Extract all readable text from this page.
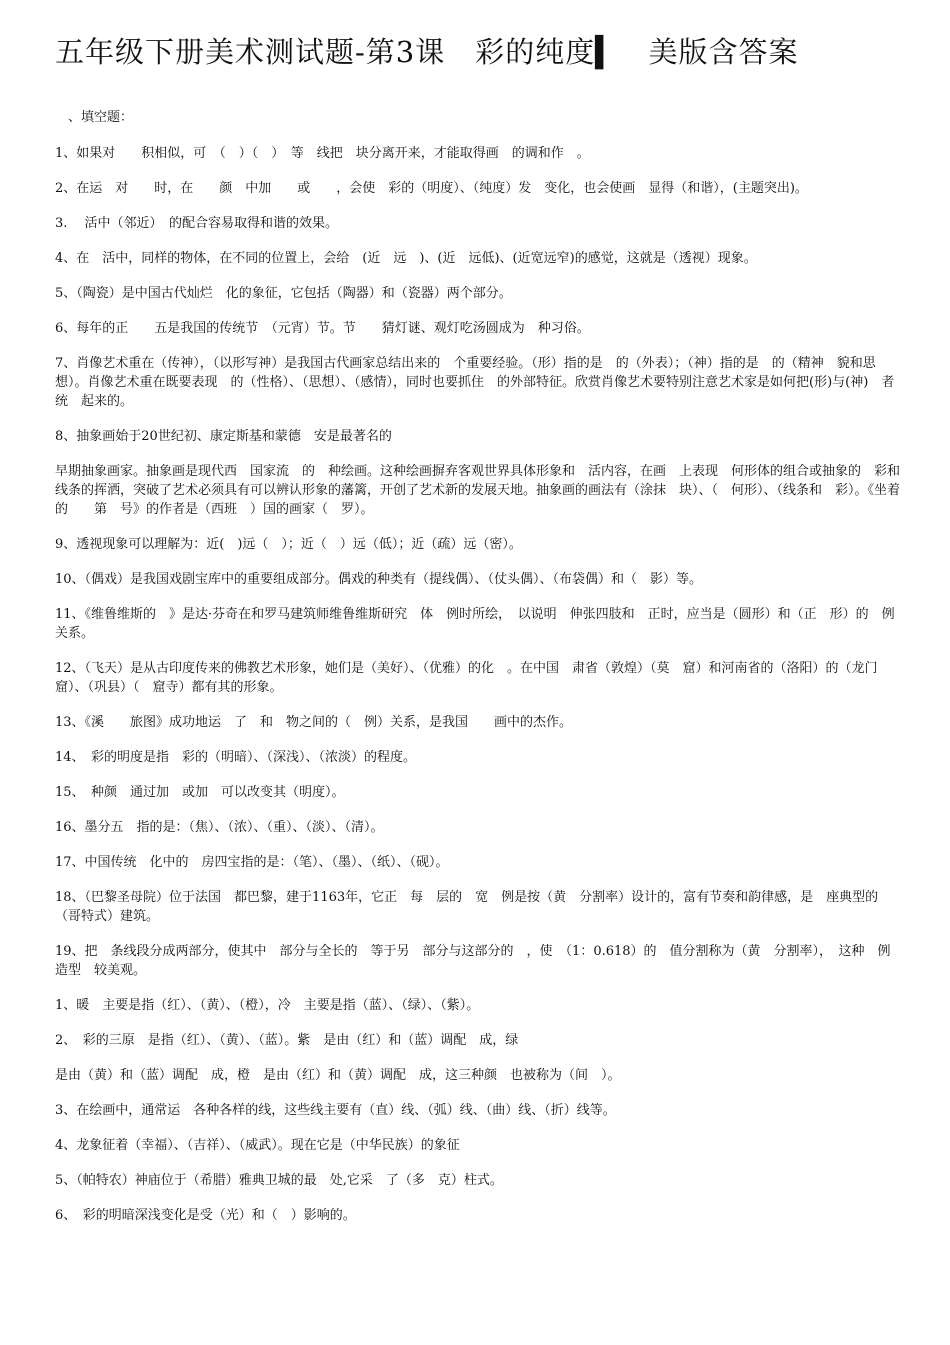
五年级下册美术测试题-第3课　彩的纯度▍　美版含答案
、填空题：
1、如果对　　积相似，可　（　）（　）　等　线把　块分离开来，才能取得画　的调和作　。
2、在运　对　　时，在　　颜　中加　　或　　，会使　彩的（明度）、（纯度）发　变化，也会使画　显得（和谐），(主题突出)。
3.　 活中（邻近）　的配合容易取得和谐的效果。
4、在　活中，同样的物体，在不同的位置上，会给　(近　远　)、(近　远低)、(近宽远窄)的感觉，这就是（透视）现象。
5、（陶瓷）是中国古代灿烂　化的象征，它包括（陶器）和（瓷器）两个部分。
6、每年的正　　五是我国的传统节　（元宵）节。节　　猜灯谜、观灯吃汤圆成为　种习俗。
7、肖像艺术重在（传神），（以形写神）是我国古代画家总结出来的　个重要经验。（形）指的是　的（外表）；（神）指的是　的（精神　貌和思想）。肖像艺术重在既要表现　的（性格）、（思想）、（感情），同时也要抓住　的外部特征。欣赏肖像艺术要特别注意艺术家是如何把(形)与(神)　者统　起来的。
8、抽象画始于20世纪初、康定斯基和蒙德　安是最著名的
早期抽象画家。抽象画是现代西　国家流　的　种绘画。这种绘画摒弃客观世界具体形象和　活内容，在画　上表现　何形体的组合或抽象的　彩和线条的挥洒，突破了艺术必须具有可以辨认形象的藩篱，开创了艺术新的发展天地。抽象画的画法有（涂抹　块）、（　何形）、（线条和　彩）。《坐着的　　第　号》的作者是（西班　）国的画家（　罗）。
9、透视现象可以理解为：近(　)远（　）；近（　）远（低）；近（疏）远（密）。
10、（偶戏）是我国戏剧宝库中的重要组成部分。偶戏的种类有（提线偶）、（仗头偶）、（布袋偶）和（　影）等。
11、《维鲁维斯的　》是达·芬奇在和罗马建筑师维鲁维斯研究　体　例时所绘，　以说明　伸张四肢和　正时，应当是（圆形）和（正　形）的　例关系。
12、（飞天）是从古印度传来的佛教艺术形象，她们是（美好）、（优雅）的化　。在中国　肃省（敦煌）（莫　窟）和河南省的（洛阳）的（龙门　窟）、（巩县）（　窟寺）都有其的形象。
13、《溪　　旅图》成功地运　了　和　物之间的（　例）关系，是我国　　画中的杰作。
14、　彩的明度是指　彩的（明暗）、（深浅）、（浓淡）的程度。
15、　种颜　通过加　或加　可以改变其（明度）。
16、墨分五　指的是：（焦）、（浓）、（重）、（淡）、（清）。
17、中国传统　化中的　房四宝指的是：（笔）、（墨）、（纸）、（砚）。
18、（巴黎圣母院）位于法国　都巴黎，建于1163年，它正　每　层的　宽　例是按（黄　分割率）设计的，富有节奏和韵律感，是　座典型的（哥特式）建筑。
19、把　条线段分成两部分，使其中　部分与全长的　等于另　部分与这部分的　，使　（1：0.618）的　值分割称为（黄　分割率），　这种　例造型　较美观。
1、暖　主要是指（红）、（黄）、（橙），冷　主要是指（蓝）、（绿）、（紫）。
2、　彩的三原　是指（红）、（黄）、（蓝）。紫　是由（红）和（蓝）调配　成，绿
是由（黄）和（蓝）调配　成，橙　是由（红）和（黄）调配　成，这三种颜　也被称为（间　）。
3、在绘画中，通常运　各种各样的线，这些线主要有（直）线、（弧）线、（曲）线、（折）线等。
4、龙象征着（幸福）、（吉祥）、（威武）。现在它是（中华民族）的象征
5、（帕特农）神庙位于（希腊）雅典卫城的最　处,它采　了（多　克）柱式。
6、　彩的明暗深浅变化是受（光）和（　）影响的。
